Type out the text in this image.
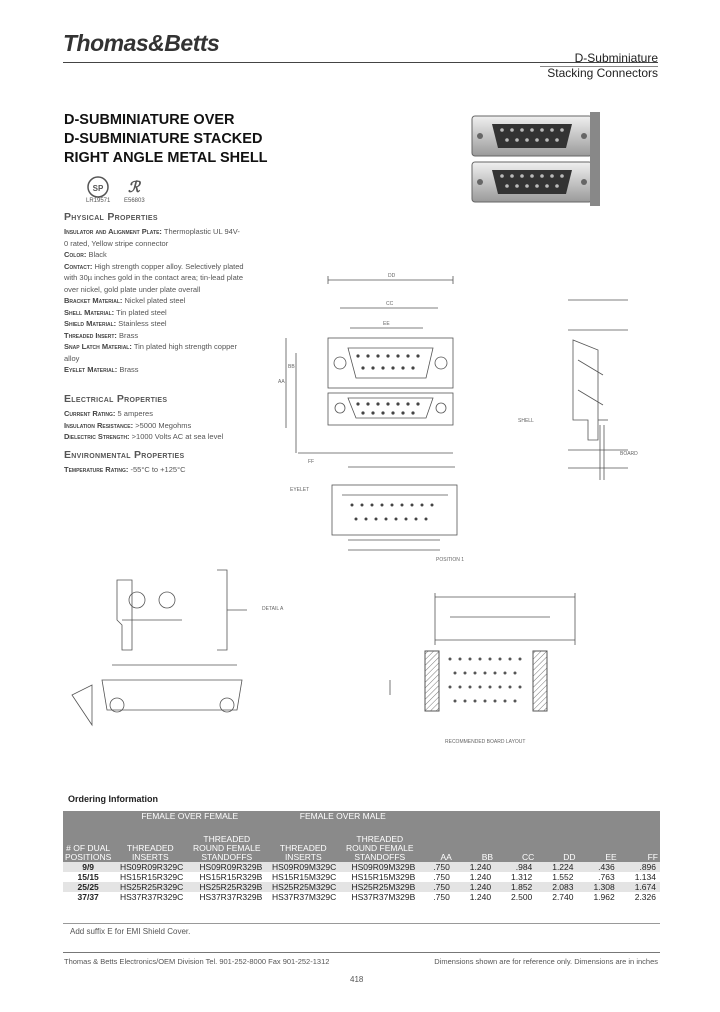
Thomas&Betts
D-Subminiature
Stacking Connectors
D-SUBMINIATURE OVER
D-SUBMINIATURE STACKED
RIGHT ANGLE METAL SHELL
SP ℛ
LR19571 E56803
Physical Properties
Insulator and Alignment Plate: Thermoplastic UL 94V-0 rated, Yellow stripe connector
Color: Black
Contact: High strength copper alloy. Selectively plated with 30µ inches gold in the contact area; tin-lead plate over nickel, gold plate under plate overall
Bracket Material: Nickel plated steel
Shell Material: Tin plated steel
Shield Material: Stainless steel
Threaded Insert: Brass
Snap Latch Material: Tin plated high strength copper alloy
Eyelet Material: Brass
Electrical Properties
Current Rating: 5 amperes
Insulation Resistance: >5000 Megohms
Dielectric Strength: >1000 Volts AC at sea level
Environmental Properties
Temperature Rating: -55°C to +125°C
DD
CC
EE
BB
AA
FF
SHELL
BOARD
EYELET
POSITION 1
DETAIL A
RECOMMENDED BOARD LAYOUT
Ordering Information
	FEMALE OVER FEMALE		FEMALE OVER MALE							
# OF DUAL POSITIONS	THREADED INSERTS	THREADED ROUND FEMALE STANDOFFS	THREADED INSERTS	THREADED ROUND FEMALE STANDOFFS	AA	BB	CC	DD	EE	FF
9/9	HS09R09R329C	HS09R09R329B	HS09R09M329C	HS09R09M329B	.750	1.240	.984	1.224	.436	.896
15/15	HS15R15R329C	HS15R15R329B	HS15R15M329C	HS15R15M329B	.750	1.240	1.312	1.552	.763	1.134
25/25	HS25R25R329C	HS25R25R329B	HS25R25M329C	HS25R25M329B	.750	1.240	1.852	2.083	1.308	1.674
37/37	HS37R37R329C	HS37R37R329B	HS37R37M329C	HS37R37M329B	.750	1.240	2.500	2.740	1.962	2.326
Add suffix E for EMI Shield Cover.
Thomas & Betts Electronics/OEM Division Tel. 901-252-8000 Fax 901-252-1312	Dimensions shown are for reference only. Dimensions are in inches
418
